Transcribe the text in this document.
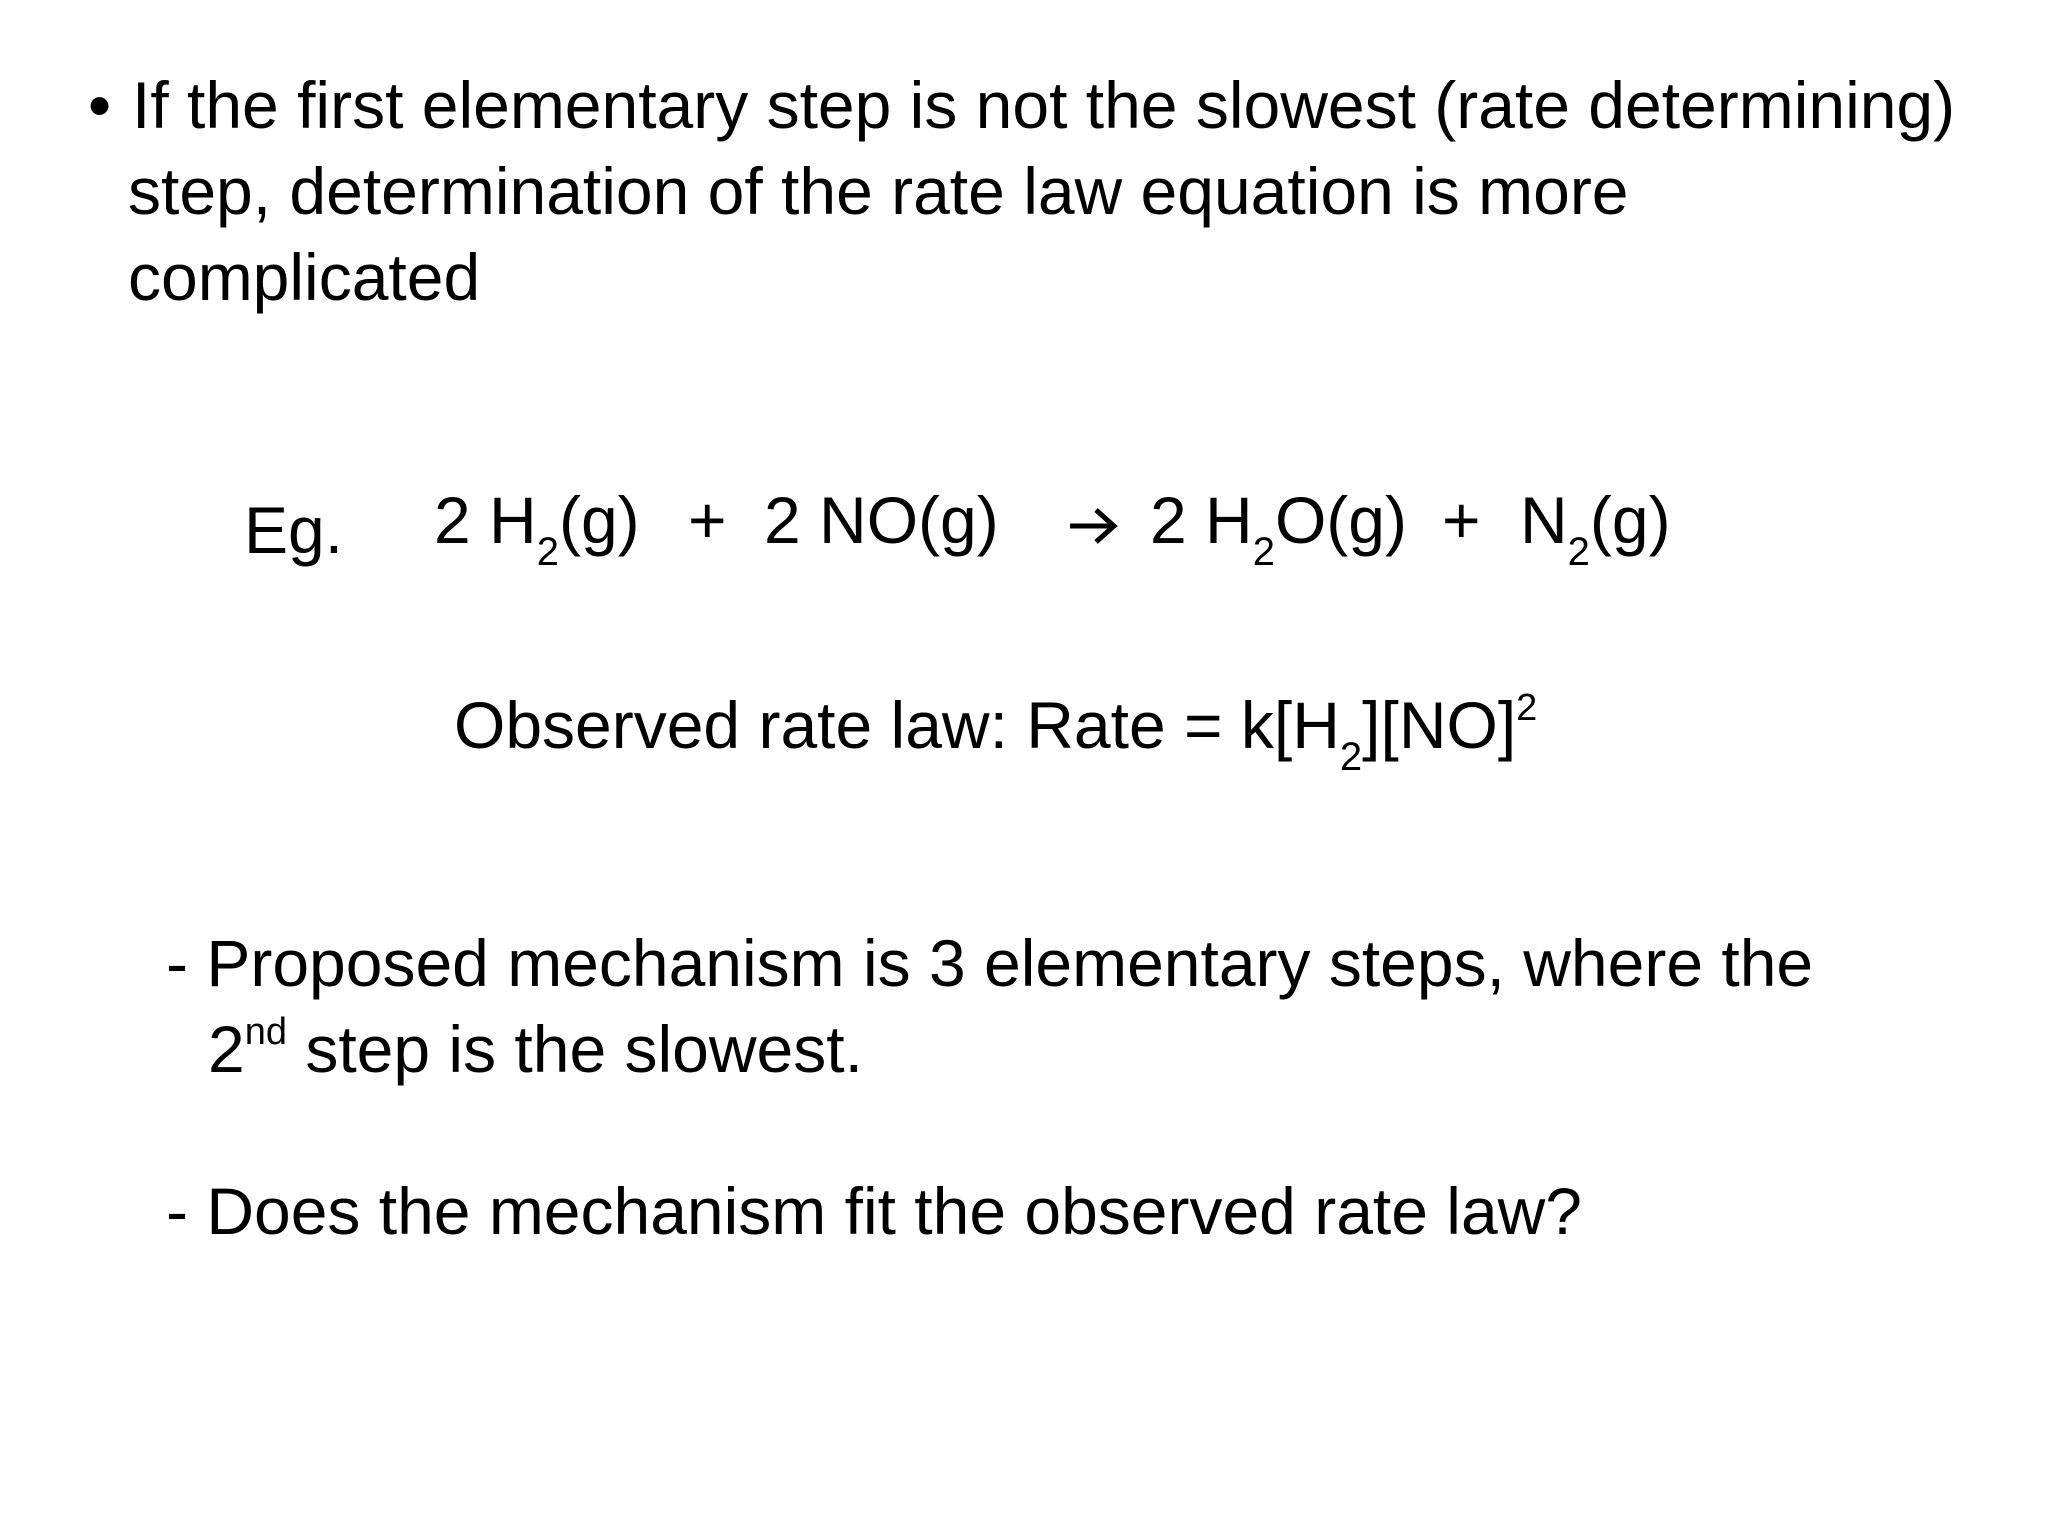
• If the first elementary step is not the slowest (rate determining)
step, determination of the rate law equation is more
complicated
Eg. 2 $H_2(g) + 2$ NO(g) 2 $H_2O(g) + N_2(g)$
Observed rate law: Rate = $k[H_2][NO]^2$
- Proposed mechanism is 3 elementary steps, where the
2nd step is the slowest.
- Does the mechanism fit the observed rate law?
